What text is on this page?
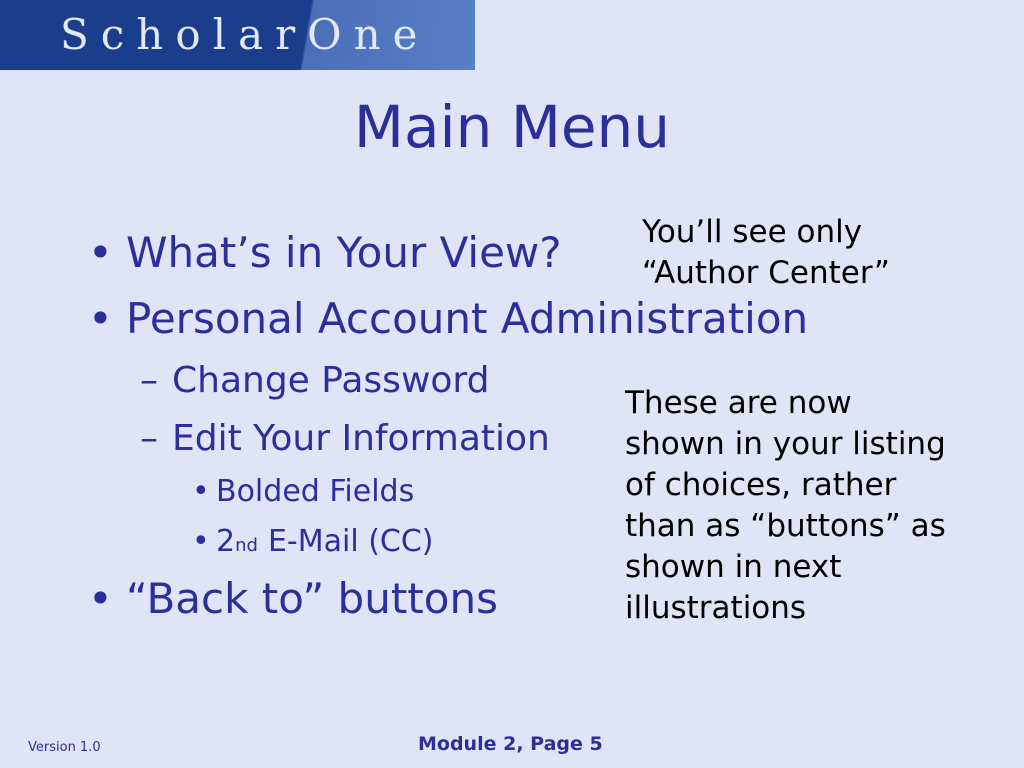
ScholarOne
Main Menu
• What’s in Your View?
• Personal Account Administration
– Change Password
– Edit Your Information
• Bolded Fields
• 2 nd E-Mail (CC)
• “Back to” buttons
You’ll see only
“Author Center”
These are now
shown in your listing
of choices, rather
than as “buttons” as
shown in next
illustrations
Version 1.0	Module 2, Page 5
